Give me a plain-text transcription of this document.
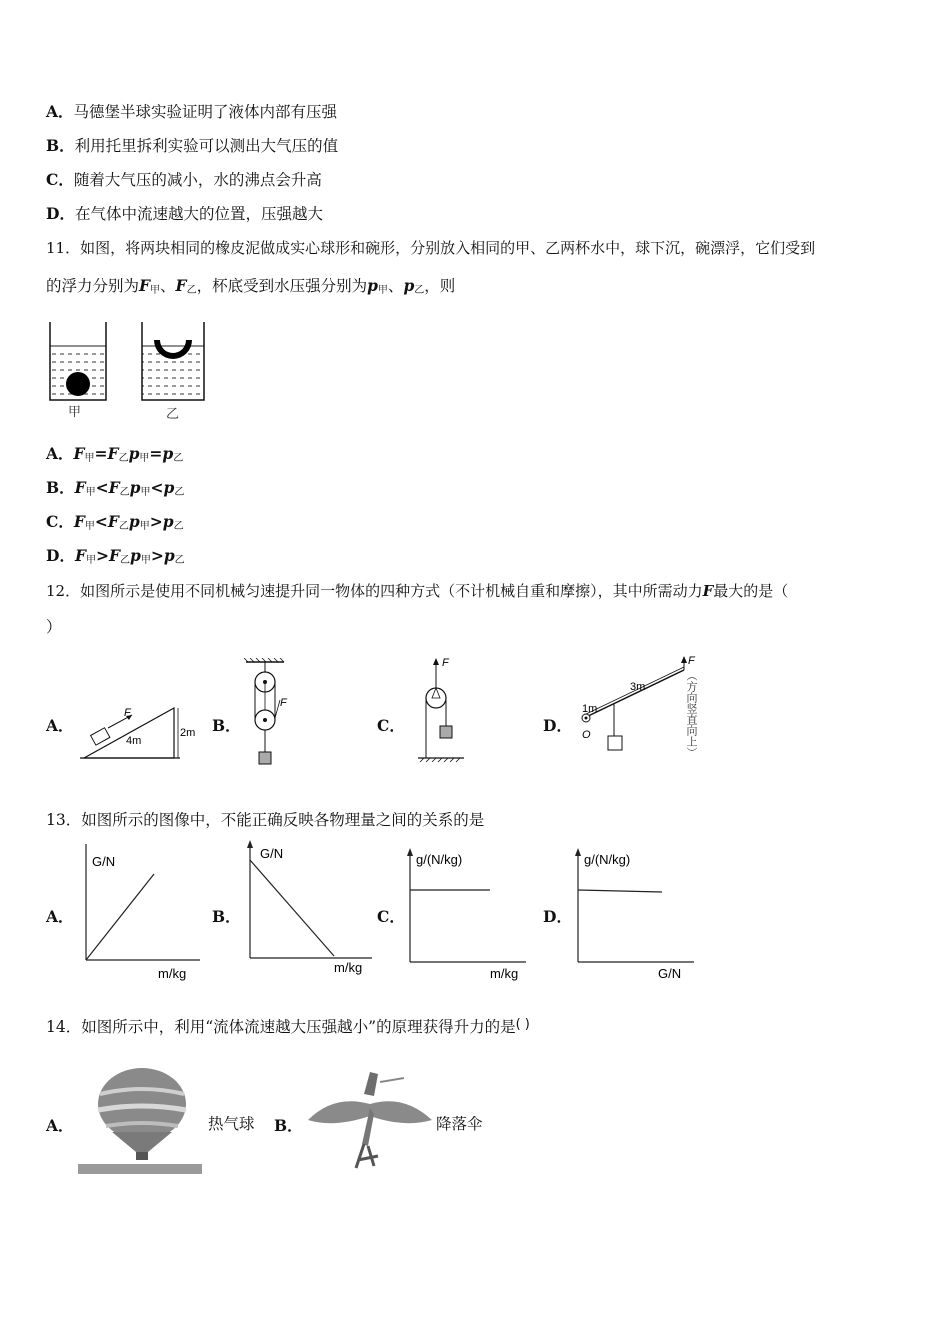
A．马德堡半球实验证明了液体内部有压强
B．利用托里拆利实验可以测出大气压的值
C．随着大气压的减小，水的沸点会升高
D．在气体中流速越大的位置，压强越大
11．如图，将两块相同的橡皮泥做成实心球形和碗形，分别放入相同的甲、乙两杯水中，球下沉，碗漂浮，它们受到
的浮力分别为$F_甲$、$F_乙$，杯底受到水压强分别为$p_甲$、$p_乙$，则
甲	乙
A．$F_甲=F_乙p_甲=p_乙$
B．$F_甲<F_乙p_甲<p_乙$
C．$F_甲<F_乙p_甲>p_乙$
D．$F_甲>F_乙p_甲>p_乙$
12．如图所示是使用不同机械匀速提升同一物体的四种方式（不计机械自重和摩擦），其中所需动力F最大的是（
）
A．	B．	C．	D．
F
4m
2m
F
F
O
1m
3m
F
（方向竖直向上）
13．如图所示的图像中，不能正确反映各物理量之间的关系的是
A．	B．	C．	D．
G/N
m/kg
G/N
m/kg
g/(N/kg)
m/kg
g/(N/kg)
G/N
14．如图所示中，利用“流体流速越大压强越小”的原理获得升力的是( )
A．	热气球 B．	降落伞
